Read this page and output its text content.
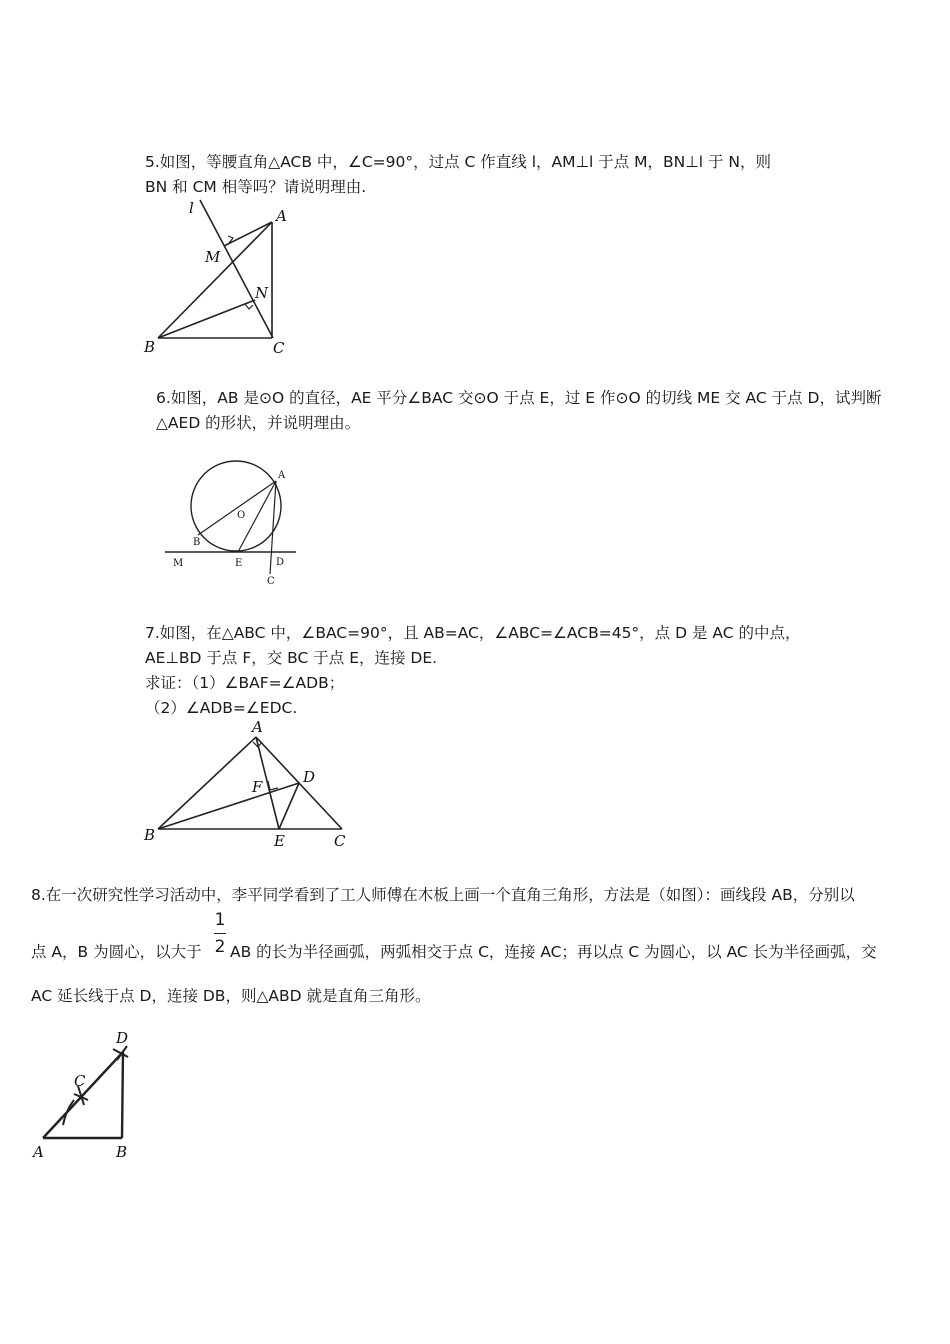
5.如图，等腰直角△ACB 中，∠C=90°，过点 C 作直线 l，AM⊥l 于点 M，BN⊥l 于 N，则
BN 和 CM 相等吗？请说明理由.
l	A
M
N
B	C
6.如图，AB 是⊙O 的直径，AE 平分∠BAC 交⊙O 于点 E，过 E 作⊙O 的切线 ME 交 AC 于点 D，试判断
△AED 的形状，并说明理由。
A
O
B
M	E	D
C
7.如图，在△ABC 中，∠BAC=90°，且 AB=AC，∠ABC=∠ACB=45°，点 D 是 AC 的中点，
AE⊥BD 于点 F，交 BC 于点 E，连接 DE.
求证：（1）∠BAF=∠ADB；
（2）∠ADB=∠EDC.
A
D
F
B	E	C
8.在一次研究性学习活动中，李平同学看到了工人师傅在木板上画一个直角三角形，方法是（如图）：画线段 AB，分别以
点 A，B 为圆心，以大于
1
2 AB 的长为半径画弧，两弧相交于点 C，连接 AC；再以点 C 为圆心，以 AC 长为半径画弧，交
AC 延长线于点 D，连接 DB，则△ABD 就是直角三角形。
D
C
A	B
